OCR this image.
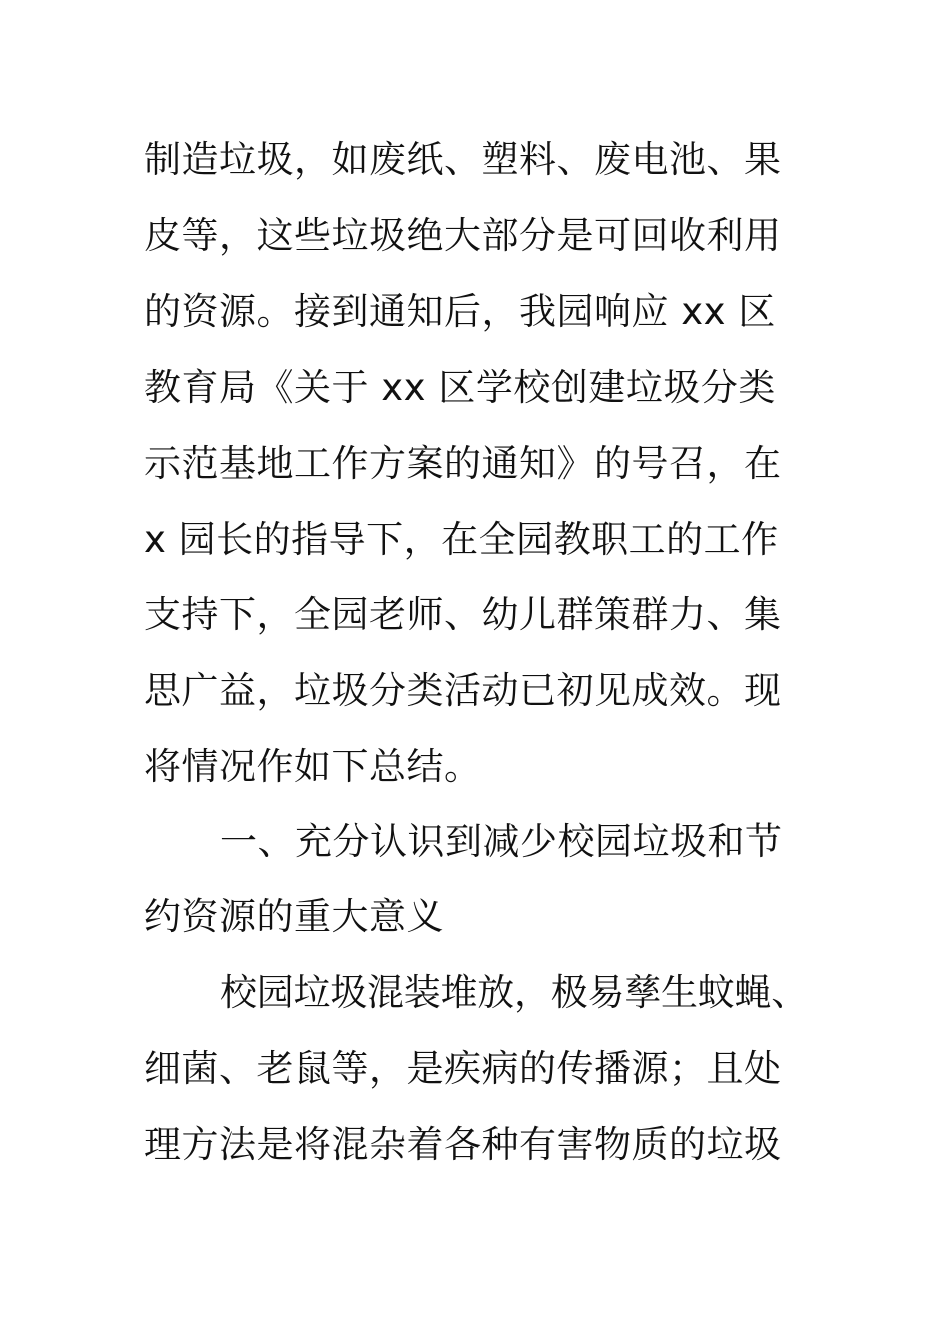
制造垃圾，如废纸、塑料、废电池、果
皮等，这些垃圾绝大部分是可回收利用
的资源。接到通知后，我园响应 xx 区
教育局《关于 xx 区学校创建垃圾分类
示范基地工作方案的通知》的号召，在
x 园长的指导下，在全园教职工的工作
支持下，全园老师、幼儿群策群力、集
思广益，垃圾分类活动已初见成效。现
将情况作如下总结。
一、充分认识到减少校园垃圾和节
约资源的重大意义
校园垃圾混装堆放，极易孳生蚊蝇、
细菌、老鼠等，是疾病的传播源；且处
理方法是将混杂着各种有害物质的垃圾
